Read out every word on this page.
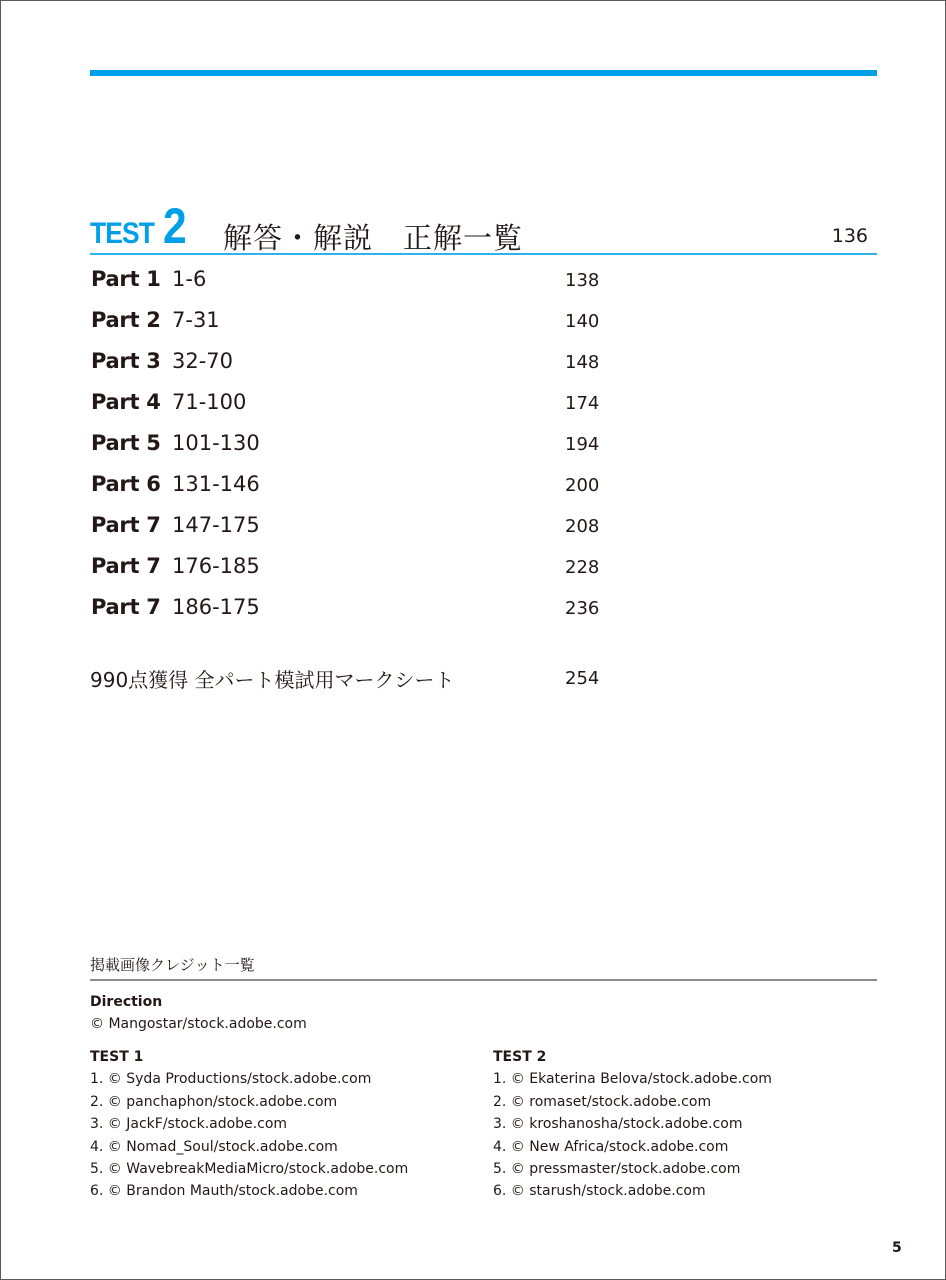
TEST 2 解答・解説　正解一覧	136
Part 1 1-6	138
Part 2 7-31	140
Part 3 32-70	148
Part 4 71-100	174
Part 5 101-130	194
Part 6 131-146	200
Part 7 147-175	208
Part 7 176-185	228
Part 7 186-175	236
990点獲得 全パート模試用マークシート	254
掲載画像クレジット一覧
Direction
© Mangostar/stock.adobe.com
TEST 1
1. © Syda Productions/stock.adobe.com
2. © panchaphon/stock.adobe.com
3. © JackF/stock.adobe.com
4. © Nomad_Soul/stock.adobe.com
5. © WavebreakMediaMicro/stock.adobe.com
6. © Brandon Mauth/stock.adobe.com
TEST 2
1. © Ekaterina Belova/stock.adobe.com
2. © romaset/stock.adobe.com
3. © kroshanosha/stock.adobe.com
4. © New Africa/stock.adobe.com
5. © pressmaster/stock.adobe.com
6. © starush/stock.adobe.com
5
